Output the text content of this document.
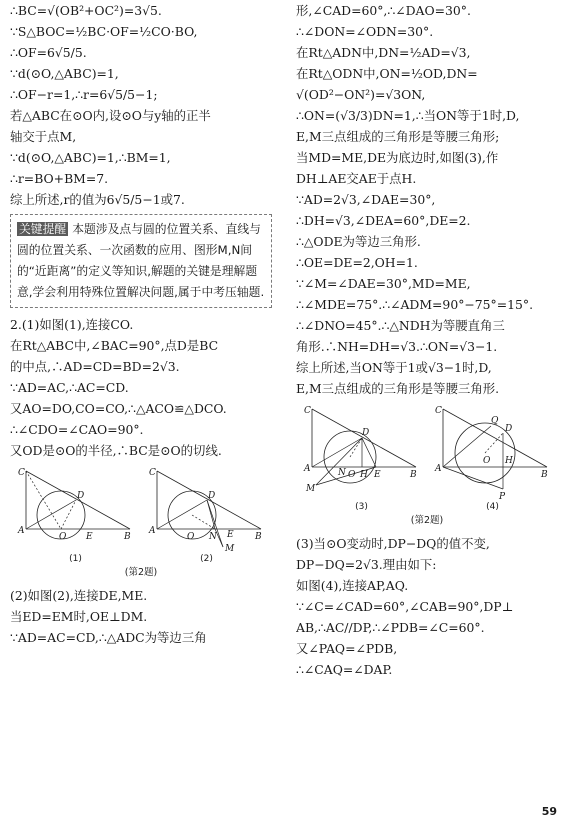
∴BC=√(OB²+OC²)=3√5.
∵S△BOC=½BC·OF=½CO·BO,
∴OF=6√5/5.
∵d(⊙O,△ABC)=1,
∴OF−r=1,∴r=6√5/5−1;
若△ABC在⊙O内,设⊙O与y轴的正半
轴交于点M,
∵d(⊙O,△ABC)=1,∴BM=1,
∴r=BO+BM=7.
综上所述,r的值为6√5/5−1或7.
关键提醒 本题涉及点与圆的位置关系、直线与圆的位置关系、一次函数的应用、图形M,N间的“近距离”的定义等知识,解题的关键是理解题意,学会利用特殊位置解决问题,属于中考压轴题.
2.(1)如图(1),连接CO.
在Rt△ABC中,∠BAC=90°,点D是BC
的中点,∴AD=CD=BD=2√3.
∵AD=AC,∴AC=CD.
又AO=DO,CO=CO,∴△ACO≌△DCO.
∴∠CDO=∠CAO=90°.
又OD是⊙O的半径,∴BC是⊙O的切线.
C
A
O E	B
D
(1)
C
A
O N E B
D
M
(2)
(第2题)
(2)如图(2),连接DE,ME.
当ED=EM时,OE⊥DM.
∵AD=AC=CD,∴△ADC为等边三角
形,∠CAD=60°,∴∠DAO=30°.
∴∠DON=∠ODN=30°.
在Rt△ADN中,DN=½AD=√3,
在Rt△ODN中,ON=½OD,DN=
√(OD²−ON²)=√3ON,
∴ON=(√3/3)DN=1,∴当ON等于1时,D,
E,M三点组成的三角形是等腰三角形;
当MD=ME,DE为底边时,如图(3),作
DH⊥AE交AE于点H.
∵AD=2√3,∠DAE=30°,
∴DH=√3,∠DEA=60°,DE=2.
∴△ODE为等边三角形.
∴OE=DE=2,OH=1.
∵∠M=∠DAE=30°,MD=ME,
∴∠MDE=75°.∴∠ADM=90°−75°=15°.
∴∠DNO=45°.∴△NDH为等腰直角三
角形.∴NH=DH=√3.∴ON=√3−1.
综上所述,当ON等于1或√3−1时,D,
E,M三点组成的三角形是等腰三角形.
C
A
D
N O H E	B
M
(3)
C
A
Q
D
O H
B
P
(4)
(第2题)
(3)当⊙O变动时,DP−DQ的值不变,
DP−DQ=2√3.理由如下:
如图(4),连接AP,AQ.
∵∠C=∠CAD=60°,∠CAB=90°,DP⊥
AB,∴AC//DP,∴∠PDB=∠C=60°.
又∠PAQ=∠PDB,
∴∠CAQ=∠DAP.
59
